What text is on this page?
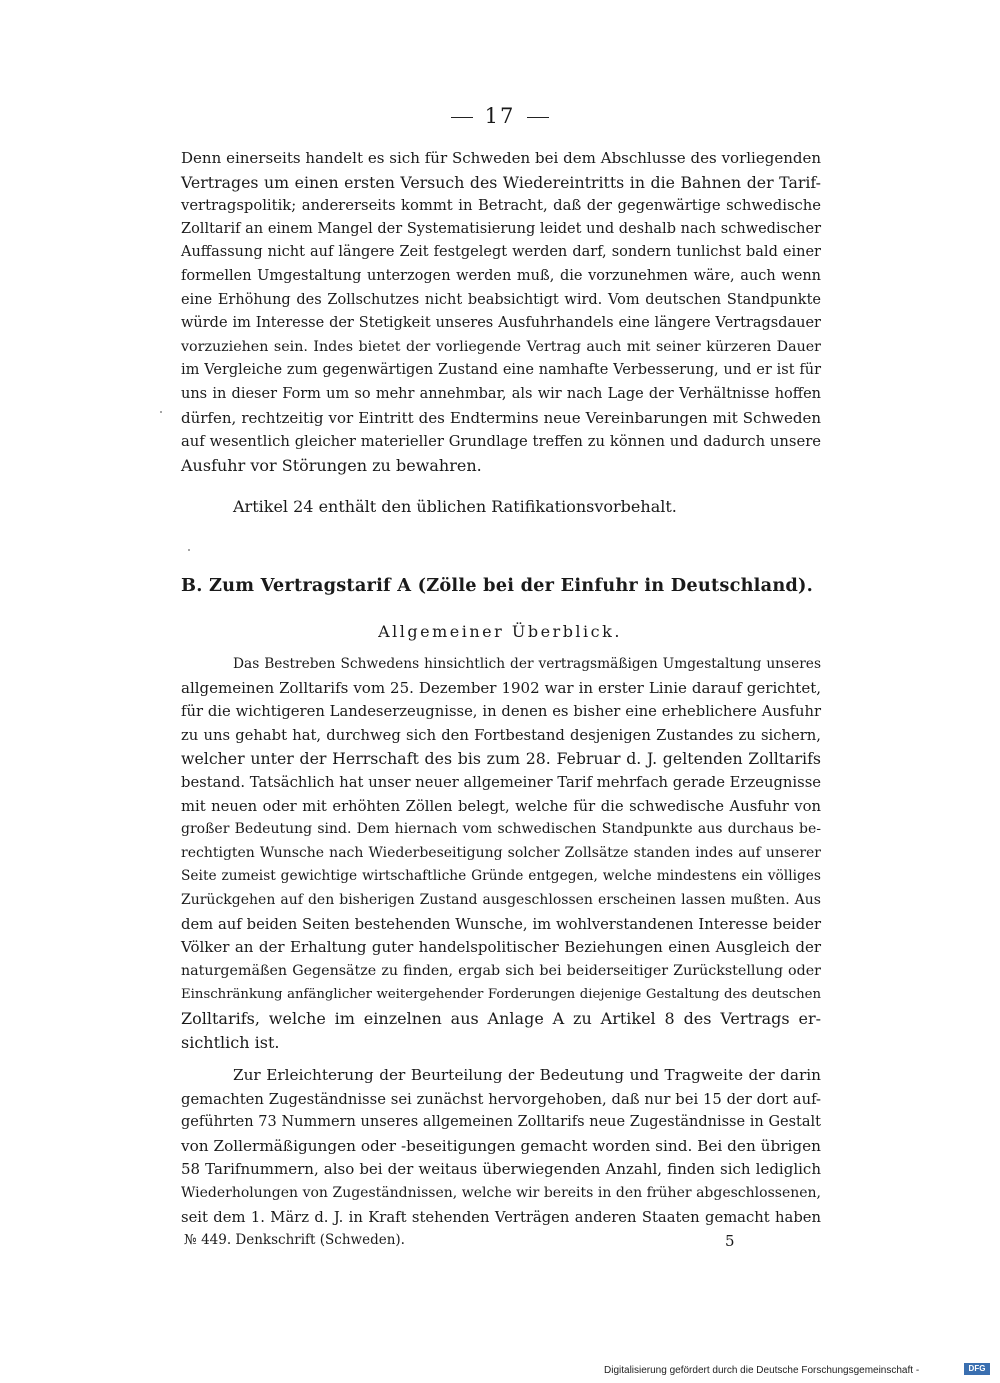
17
Denn einerseits handelt es sich für Schweden bei dem Abschlusse des vorliegenden
Vertrages um einen ersten Versuch des Wiedereintritts in die Bahnen der Tarif-
vertragspolitik; andererseits kommt in Betracht, daß der gegenwärtige schwedische
Zolltarif an einem Mangel der Systematisierung leidet und deshalb nach schwedischer
Auffassung nicht auf längere Zeit festgelegt werden darf, sondern tunlichst bald einer
formellen Umgestaltung unterzogen werden muß, die vorzunehmen wäre, auch wenn
eine Erhöhung des Zollschutzes nicht beabsichtigt wird. Vom deutschen Standpunkte
würde im Interesse der Stetigkeit unseres Ausfuhrhandels eine längere Vertragsdauer
vorzuziehen sein. Indes bietet der vorliegende Vertrag auch mit seiner kürzeren Dauer
im Vergleiche zum gegenwärtigen Zustand eine namhafte Verbesserung, und er ist für
uns in dieser Form um so mehr annehmbar, als wir nach Lage der Verhältnisse hoffen
dürfen, rechtzeitig vor Eintritt des Endtermins neue Vereinbarungen mit Schweden
auf wesentlich gleicher materieller Grundlage treffen zu können und dadurch unsere
Ausfuhr vor Störungen zu bewahren.
Artikel 24 enthält den üblichen Ratifikationsvorbehalt.
B. Zum Vertragstarif A (Zölle bei der Einfuhr in Deutschland).
Allgemeiner Überblick.
Das Bestreben Schwedens hinsichtlich der vertragsmäßigen Umgestaltung unseres
allgemeinen Zolltarifs vom 25. Dezember 1902 war in erster Linie darauf gerichtet,
für die wichtigeren Landeserzeugnisse, in denen es bisher eine erheblichere Ausfuhr
zu uns gehabt hat, durchweg sich den Fortbestand desjenigen Zustandes zu sichern,
welcher unter der Herrschaft des bis zum 28. Februar d. J. geltenden Zolltarifs
bestand. Tatsächlich hat unser neuer allgemeiner Tarif mehrfach gerade Erzeugnisse
mit neuen oder mit erhöhten Zöllen belegt, welche für die schwedische Ausfuhr von
großer Bedeutung sind. Dem hiernach vom schwedischen Standpunkte aus durchaus be-
rechtigten Wunsche nach Wiederbeseitigung solcher Zollsätze standen indes auf unserer
Seite zumeist gewichtige wirtschaftliche Gründe entgegen, welche mindestens ein völliges
Zurückgehen auf den bisherigen Zustand ausgeschlossen erscheinen lassen mußten. Aus
dem auf beiden Seiten bestehenden Wunsche, im wohlverstandenen Interesse beider
Völker an der Erhaltung guter handelspolitischer Beziehungen einen Ausgleich der
naturgemäßen Gegensätze zu finden, ergab sich bei beiderseitiger Zurückstellung oder
Einschränkung anfänglicher weitergehender Forderungen diejenige Gestaltung des deutschen
Zolltarifs, welche im einzelnen aus Anlage A zu Artikel 8 des Vertrags er-
sichtlich ist.
Zur Erleichterung der Beurteilung der Bedeutung und Tragweite der darin
gemachten Zugeständnisse sei zunächst hervorgehoben, daß nur bei 15 der dort auf-
geführten 73 Nummern unseres allgemeinen Zolltarifs neue Zugeständnisse in Gestalt
von Zollermäßigungen oder -beseitigungen gemacht worden sind. Bei den übrigen
58 Tarifnummern, also bei der weitaus überwiegenden Anzahl, finden sich lediglich
Wiederholungen von Zugeständnissen, welche wir bereits in den früher abgeschlossenen,
seit dem 1. März d. J. in Kraft stehenden Verträgen anderen Staaten gemacht haben
№ 449. Denkschrift (Schweden).	5
Digitalisierung gefördert durch die Deutsche Forschungsgemeinschaft -	DFG
